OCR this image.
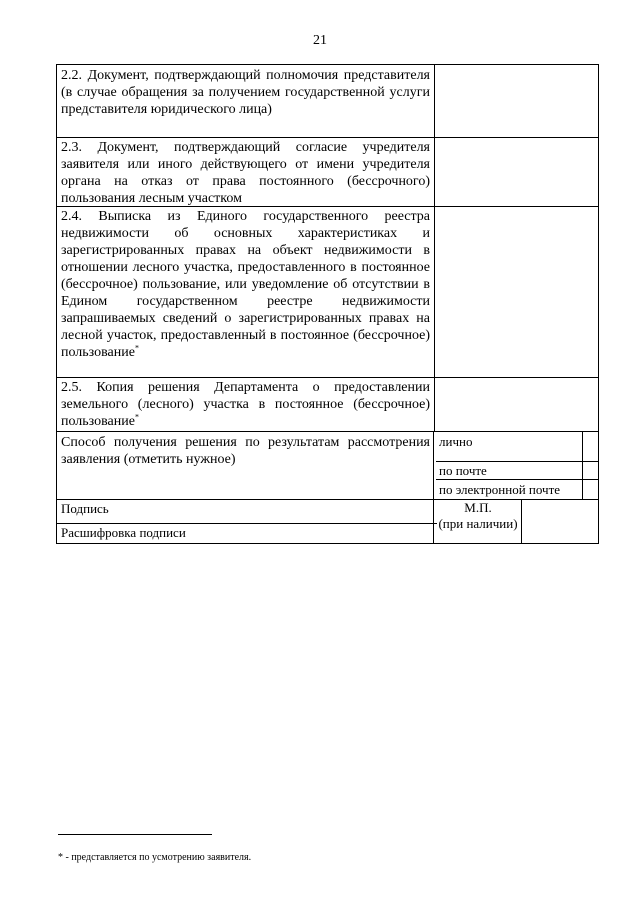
21
2.2. Документ, подтверждающий полномочия представителя (в случае обращения за получением государственной услуги представителя юридического лица)
2.3. Документ, подтверждающий согласие учредителя заявителя или иного действующего от имени учредителя органа на отказ от права постоянного (бессрочного) пользования лесным участком
2.4. Выписка из Единого государственного реестра недвижимости об основных характеристиках и зарегистрированных правах на объект недвижимости в отношении лесного участка, предоставленного в постоянное (бессрочное) пользование, или уведомление об отсутствии в Едином государственном реестре недвижимости запрашиваемых сведений о зарегистрированных правах на лесной участок, предоставленный в постоянное (бессрочное) пользование*
2.5. Копия решения Департамента о предоставлении земельного (лесного) участка в постоянное (бессрочное) пользование*
Способ получения решения по результатам рассмотрения заявления (отметить нужное)
лично
по почте
по электронной почте
Подпись
Расшифровка подписи
М.П.
(при наличии)
* - представляется по усмотрению заявителя.
